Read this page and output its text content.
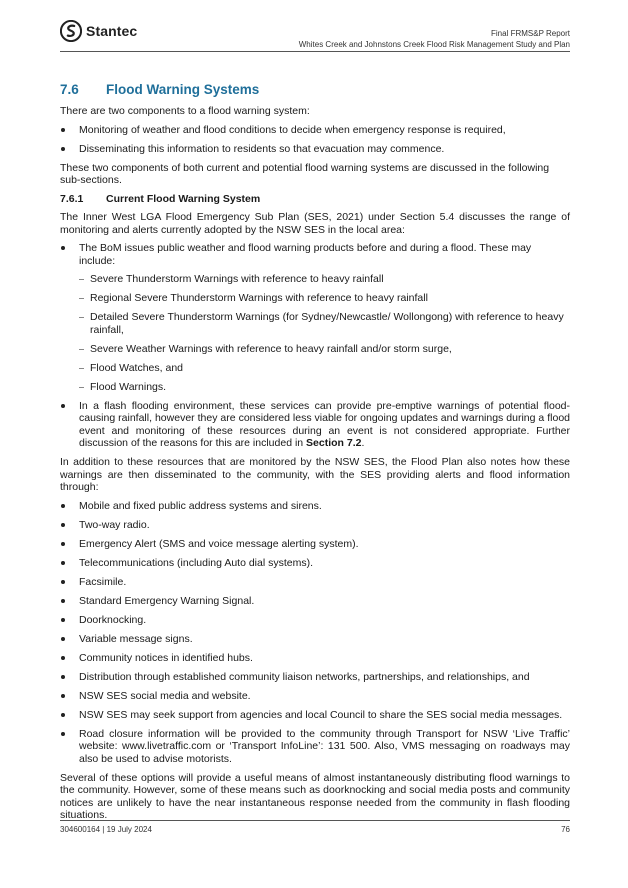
Stantec	Final FRMS&P Report
Whites Creek and Johnstons Creek Flood Risk Management Study and Plan
7.6	Flood Warning Systems

There are two components to a flood warning system:

Monitoring of weather and flood conditions to decide when emergency response is required,
Disseminating this information to residents so that evacuation may commence.

These two components of both current and potential flood warning systems are discussed in the following sub-sections.

7.6.1	Current Flood Warning System

The Inner West LGA Flood Emergency Sub Plan (SES, 2021) under Section 5.4 discusses the range of monitoring and alerts currently adopted by the NSW SES in the local area:

The BoM issues public weather and flood warning products before and during a flood. These may include:
Severe Thunderstorm Warnings with reference to heavy rainfall
Regional Severe Thunderstorm Warnings with reference to heavy rainfall
Detailed Severe Thunderstorm Warnings (for Sydney/Newcastle/ Wollongong) with reference to heavy rainfall,
Severe Weather Warnings with reference to heavy rainfall and/or storm surge,
Flood Watches, and
Flood Warnings.
In a flash flooding environment, these services can provide pre-emptive warnings of potential flood-causing rainfall, however they are considered less viable for ongoing updates and warnings during a flood event and monitoring of these resources during an event is not considered appropriate. Further discussion of the reasons for this are included in Section 7.2.

In addition to these resources that are monitored by the NSW SES, the Flood Plan also notes how these warnings are then disseminated to the community, with the SES providing alerts and flood information through:

Mobile and fixed public address systems and sirens.
Two-way radio.
Emergency Alert (SMS and voice message alerting system).
Telecommunications (including Auto dial systems).
Facsimile.
Standard Emergency Warning Signal.
Doorknocking.
Variable message signs.
Community notices in identified hubs.
Distribution through established community liaison networks, partnerships, and relationships, and
NSW SES social media and website.
NSW SES may seek support from agencies and local Council to share the SES social media messages.
Road closure information will be provided to the community through Transport for NSW ‘Live Traffic’ website: www.livetraffic.com or ‘Transport InfoLine’: 131 500. Also, VMS messaging on roadways may also be used to advise motorists.

Several of these options will provide a useful means of almost instantaneously distributing flood warnings to the community. However, some of these means such as doorknocking and social media posts and community notices are unlikely to have the near instantaneous response needed from the community in flash flooding situations.

304600164 | 19 July 2024	76
